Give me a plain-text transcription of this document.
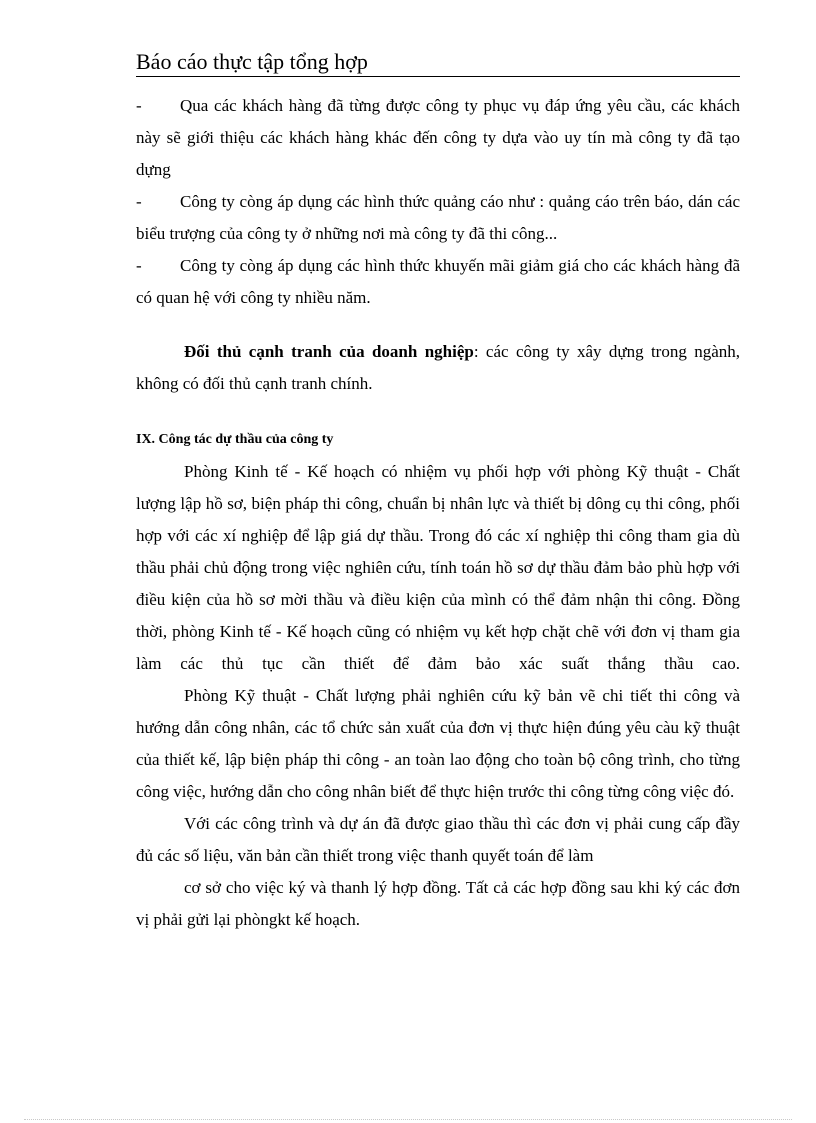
Báo cáo thực tập tổng hợp

- Qua các khách hàng đã từng được công ty phục vụ đáp ứng yêu cầu, các khách này sẽ giới thiệu các khách hàng khác đến công ty dựa vào uy tín mà công ty đã tạo dựng

- Công ty còng áp dụng các hình thức quảng cáo như : quảng cáo trên báo, dán các biểu trượng của công ty ở những nơi mà công ty đã thi công...

- Công ty còng áp dụng các hình thức khuyến mãi giảm giá cho các khách hàng đã có quan hệ với công ty nhiều năm.

Đối thủ cạnh tranh của doanh nghiệp: các công ty xây dựng trong ngành, không có đối thủ cạnh tranh chính.

IX. Công tác dự thầu của công ty

Phòng Kinh tế - Kế hoạch có nhiệm vụ phối hợp với phòng Kỹ thuật - Chất lượng lập hồ sơ, biện pháp thi công, chuẩn bị nhân lực và thiết bị dông cụ thi công, phối hợp với các xí nghiệp để lập giá dự thầu. Trong đó các xí nghiệp thi công tham gia dù thầu phải chủ động trong việc nghiên cứu, tính toán hồ sơ dự thầu đảm bảo phù hợp với điều kiện của hồ sơ mời thầu và điều kiện của mình có thể đảm nhận thi công. Đồng thời, phòng Kinh tế - Kế hoạch cũng có nhiệm vụ kết hợp chặt chẽ với đơn vị tham gia làm các thủ tục cần thiết để đảm bảo xác suất thắng thầu cao.

Phòng Kỹ thuật - Chất lượng phải nghiên cứu kỹ bản vẽ chi tiết thi công và hướng dẫn công nhân, các tổ chức sản xuất của đơn vị thực hiện đúng yêu càu kỹ thuật của thiết kế, lập biện pháp thi công - an toàn lao động cho toàn bộ công trình, cho từng công việc, hướng dẫn cho công nhân biết để thực hiện trước thi công từng công việc đó.

Với các công trình và dự án đã được giao thầu thì các đơn vị phải cung cấp đầy đủ các số liệu, văn bản cần thiết trong việc thanh quyết toán để làm

cơ sở cho việc ký và thanh lý hợp đồng. Tất cả các hợp đồng sau khi ký các đơn vị phải gửi lại phòngkt kế hoạch.
